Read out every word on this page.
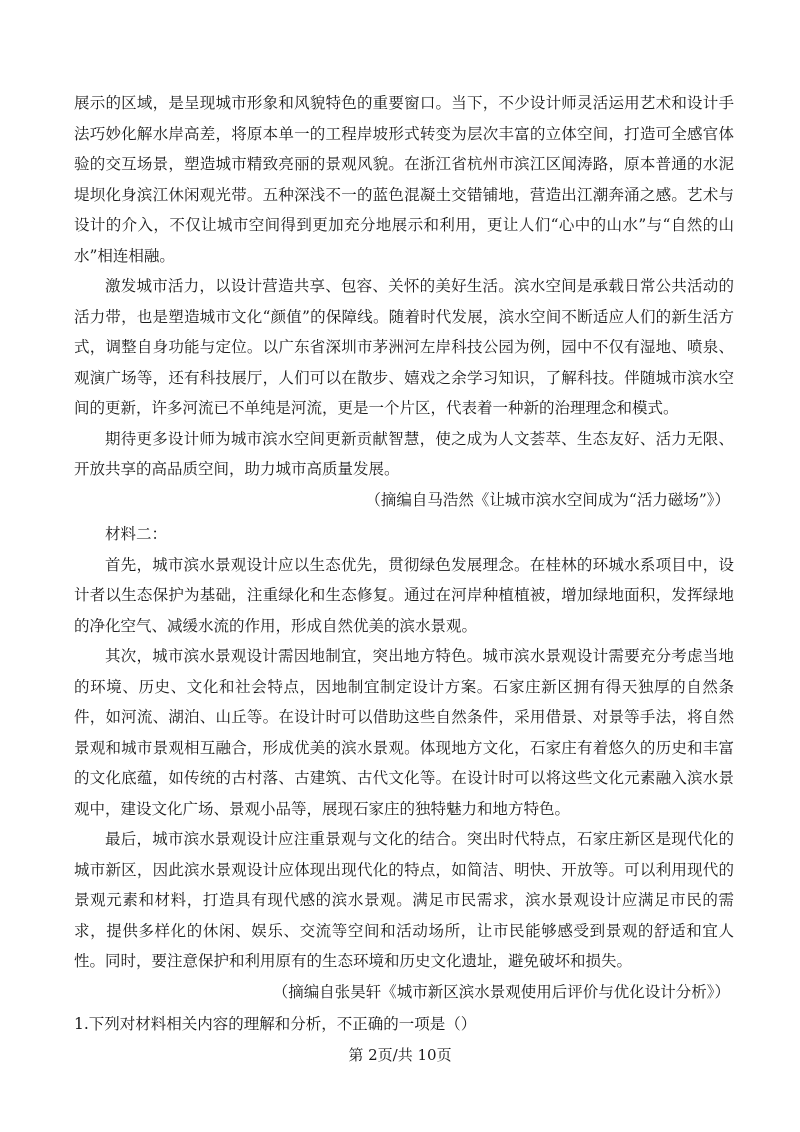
展示的区域，是呈现城市形象和风貌特色的重要窗口。当下，不少设计师灵活运用艺术和设计手法巧妙化解水岸高差，将原本单一的工程岸坡形式转变为层次丰富的立体空间，打造可全感官体验的交互场景，塑造城市精致亮丽的景观风貌。在浙江省杭州市滨江区闻涛路，原本普通的水泥堤坝化身滨江休闲观光带。五种深浅不一的蓝色混凝土交错铺地，营造出江潮奔涌之感。艺术与设计的介入，不仅让城市空间得到更加充分地展示和利用，更让人们“心中的山水”与“自然的山水”相连相融。

激发城市活力，以设计营造共享、包容、关怀的美好生活。滨水空间是承载日常公共活动的活力带，也是塑造城市文化“颜值”的保障线。随着时代发展，滨水空间不断适应人们的新生活方式，调整自身功能与定位。以广东省深圳市茅洲河左岸科技公园为例，园中不仅有湿地、喷泉、观演广场等，还有科技展厅，人们可以在散步、嬉戏之余学习知识，了解科技。伴随城市滨水空间的更新，许多河流已不单纯是河流，更是一个片区，代表着一种新的治理理念和模式。

期待更多设计师为城市滨水空间更新贡献智慧，使之成为人文荟萃、生态友好、活力无限、开放共享的高品质空间，助力城市高质量发展。

（摘编自马浩然《让城市滨水空间成为“活力磁场”》）

材料二：

首先，城市滨水景观设计应以生态优先，贯彻绿色发展理念。在桂林的环城水系项目中，设计者以生态保护为基础，注重绿化和生态修复。通过在河岸种植植被，增加绿地面积，发挥绿地的净化空气、减缓水流的作用，形成自然优美的滨水景观。

其次，城市滨水景观设计需因地制宜，突出地方特色。城市滨水景观设计需要充分考虑当地的环境、历史、文化和社会特点，因地制宜制定设计方案。石家庄新区拥有得天独厚的自然条件，如河流、湖泊、山丘等。在设计时可以借助这些自然条件，采用借景、对景等手法，将自然景观和城市景观相互融合，形成优美的滨水景观。体现地方文化，石家庄有着悠久的历史和丰富的文化底蕴，如传统的古村落、古建筑、古代文化等。在设计时可以将这些文化元素融入滨水景观中，建设文化广场、景观小品等，展现石家庄的独特魅力和地方特色。

最后，城市滨水景观设计应注重景观与文化的结合。突出时代特点，石家庄新区是现代化的城市新区，因此滨水景观设计应体现出现代化的特点，如简洁、明快、开放等。可以利用现代的景观元素和材料，打造具有现代感的滨水景观。满足市民需求，滨水景观设计应满足市民的需求，提供多样化的休闲、娱乐、交流等空间和活动场所，让市民能够感受到景观的舒适和宜人性。同时，要注意保护和利用原有的生态环境和历史文化遗址，避免破坏和损失。

（摘编自张昊轩《城市新区滨水景观使用后评价与优化设计分析》）

1.下列对材料相关内容的理解和分析，不正确的一项是（）

第 2页/共 10页
